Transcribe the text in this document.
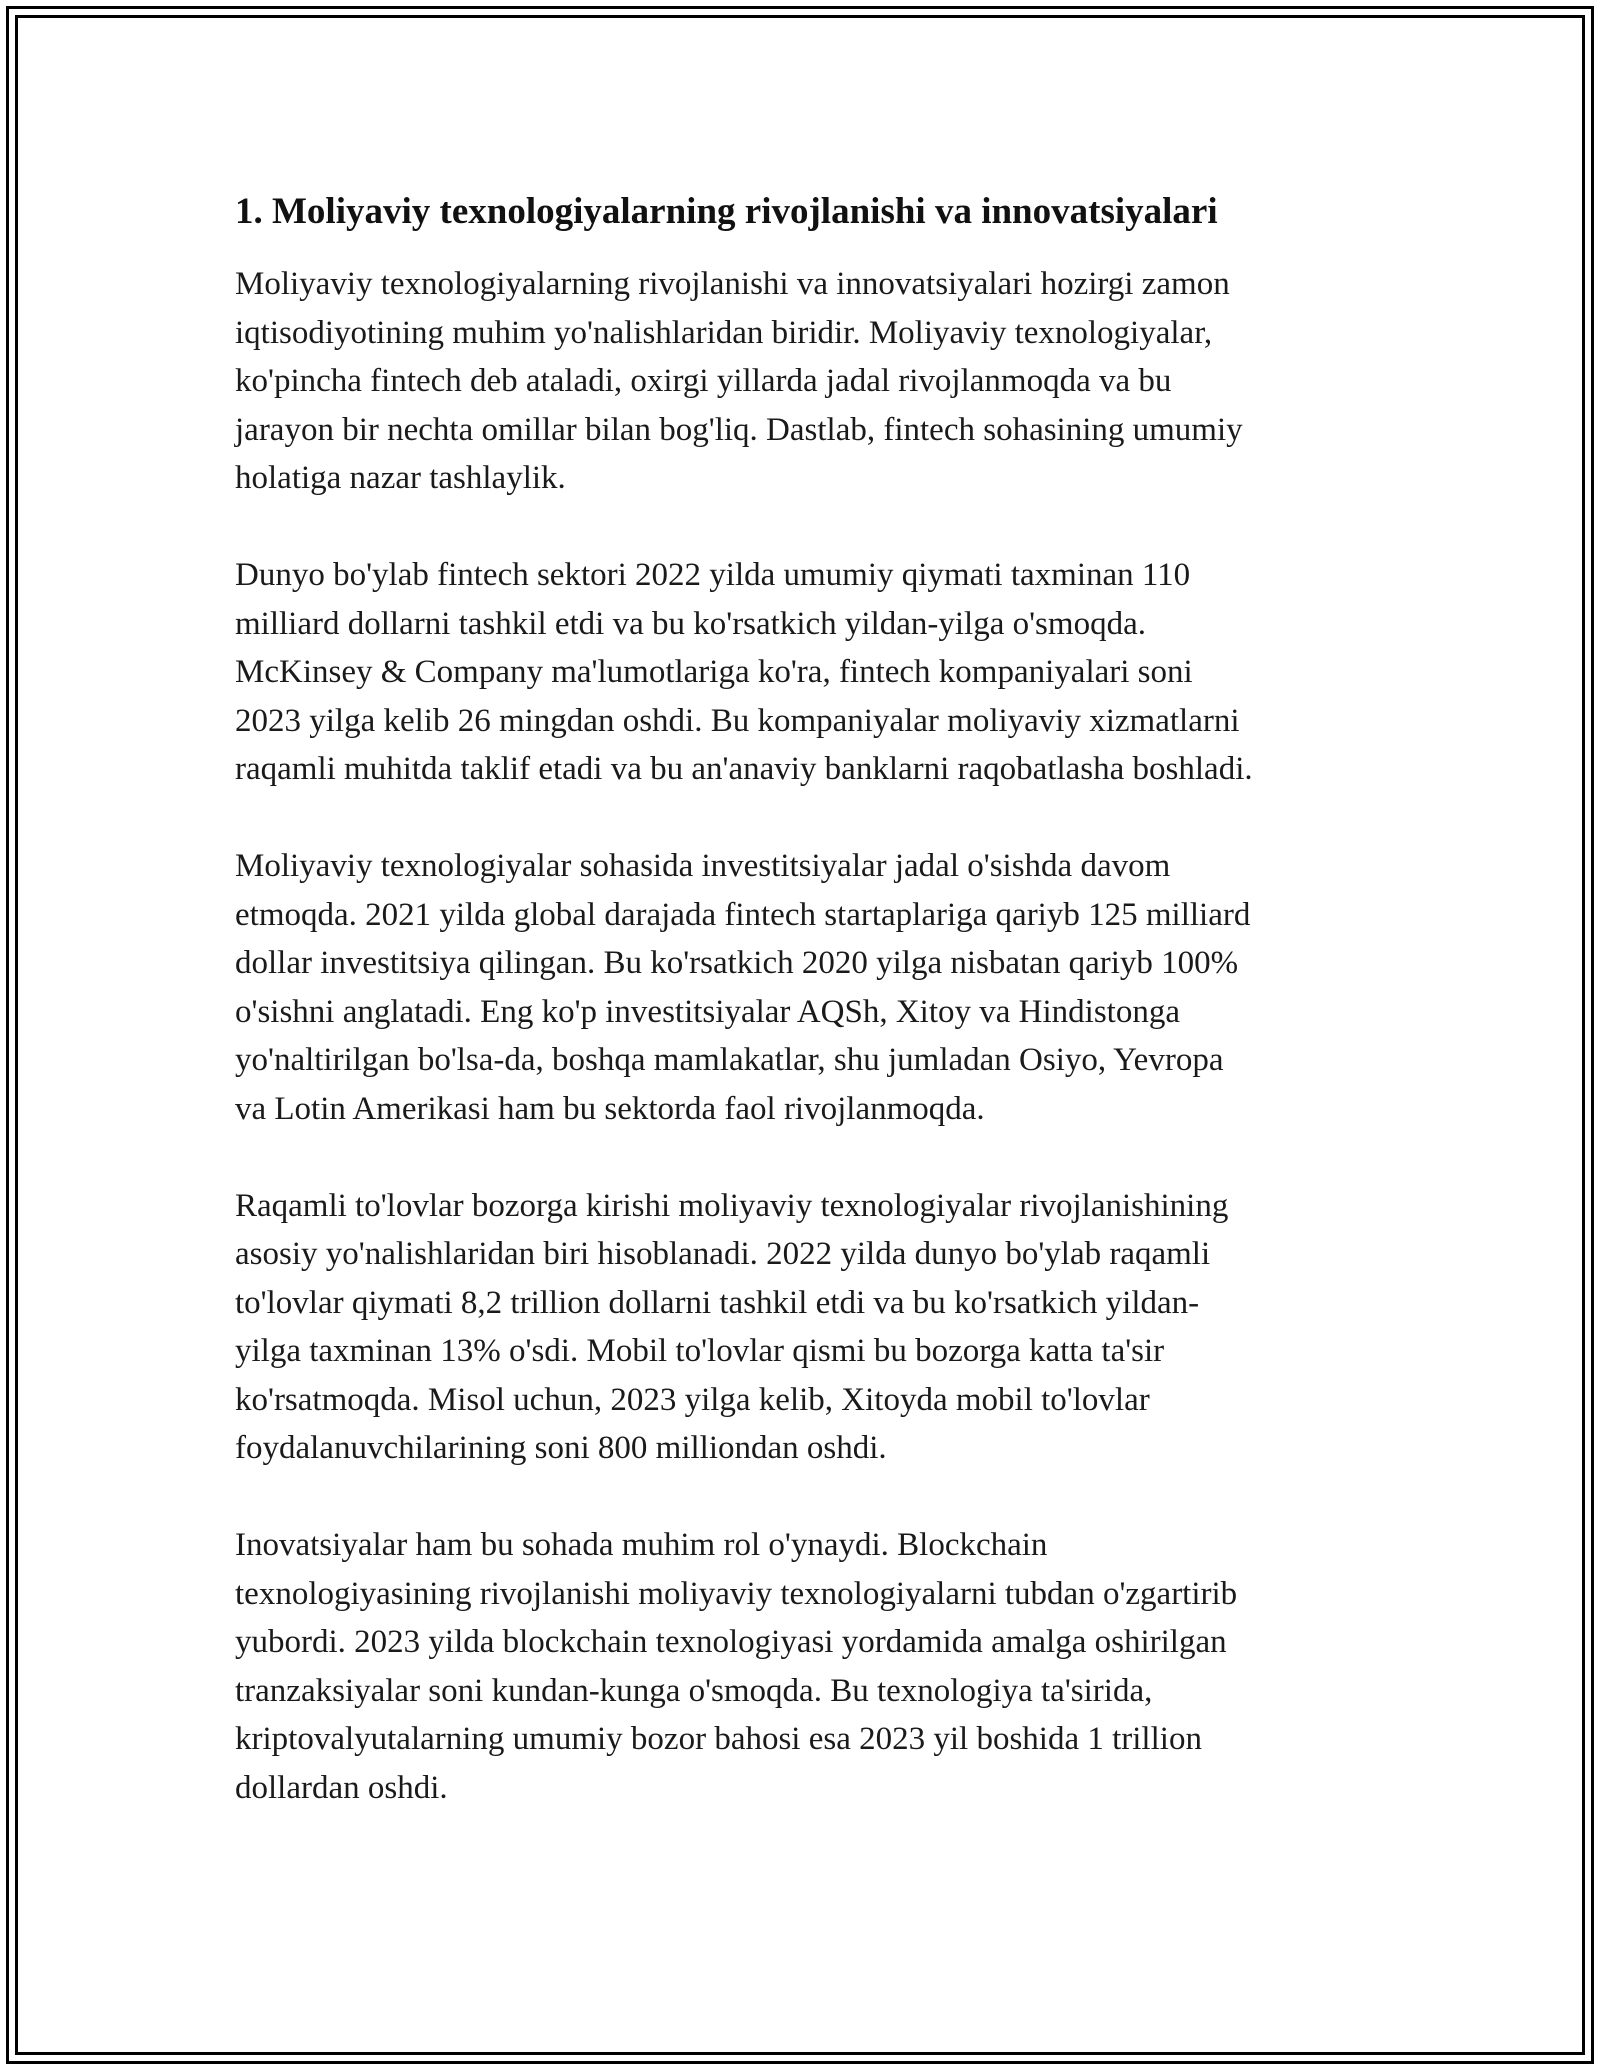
1. Moliyaviy texnologiyalarning rivojlanishi va innovatsiyalari

Moliyaviy texnologiyalarning rivojlanishi va innovatsiyalari hozirgi zamon
iqtisodiyotining muhim yo'nalishlaridan biridir. Moliyaviy texnologiyalar,
ko'pincha fintech deb ataladi, oxirgi yillarda jadal rivojlanmoqda va bu
jarayon bir nechta omillar bilan bog'liq. Dastlab, fintech sohasining umumiy
holatiga nazar tashlaylik.

Dunyo bo'ylab fintech sektori 2022 yilda umumiy qiymati taxminan 110
milliard dollarni tashkil etdi va bu ko'rsatkich yildan-yilga o'smoqda.
McKinsey & Company ma'lumotlariga ko'ra, fintech kompaniyalari soni
2023 yilga kelib 26 mingdan oshdi. Bu kompaniyalar moliyaviy xizmatlarni
raqamli muhitda taklif etadi va bu an'anaviy banklarni raqobatlasha boshladi.

Moliyaviy texnologiyalar sohasida investitsiyalar jadal o'sishda davom
etmoqda. 2021 yilda global darajada fintech startaplariga qariyb 125 milliard
dollar investitsiya qilingan. Bu ko'rsatkich 2020 yilga nisbatan qariyb 100%
o'sishni anglatadi. Eng ko'p investitsiyalar AQSh, Xitoy va Hindistonga
yo'naltirilgan bo'lsa-da, boshqa mamlakatlar, shu jumladan Osiyo, Yevropa
va Lotin Amerikasi ham bu sektorda faol rivojlanmoqda.

Raqamli to'lovlar bozorga kirishi moliyaviy texnologiyalar rivojlanishining
asosiy yo'nalishlaridan biri hisoblanadi. 2022 yilda dunyo bo'ylab raqamli
to'lovlar qiymati 8,2 trillion dollarni tashkil etdi va bu ko'rsatkich yildan-
yilga taxminan 13% o'sdi. Mobil to'lovlar qismi bu bozorga katta ta'sir
ko'rsatmoqda. Misol uchun, 2023 yilga kelib, Xitoyda mobil to'lovlar
foydalanuvchilarining soni 800 milliondan oshdi.

Inovatsiyalar ham bu sohada muhim rol o'ynaydi. Blockchain
texnologiyasining rivojlanishi moliyaviy texnologiyalarni tubdan o'zgartirib
yubordi. 2023 yilda blockchain texnologiyasi yordamida amalga oshirilgan
tranzaksiyalar soni kundan-kunga o'smoqda. Bu texnologiya ta'sirida,
kriptovalyutalarning umumiy bozor bahosi esa 2023 yil boshida 1 trillion
dollardan oshdi.
